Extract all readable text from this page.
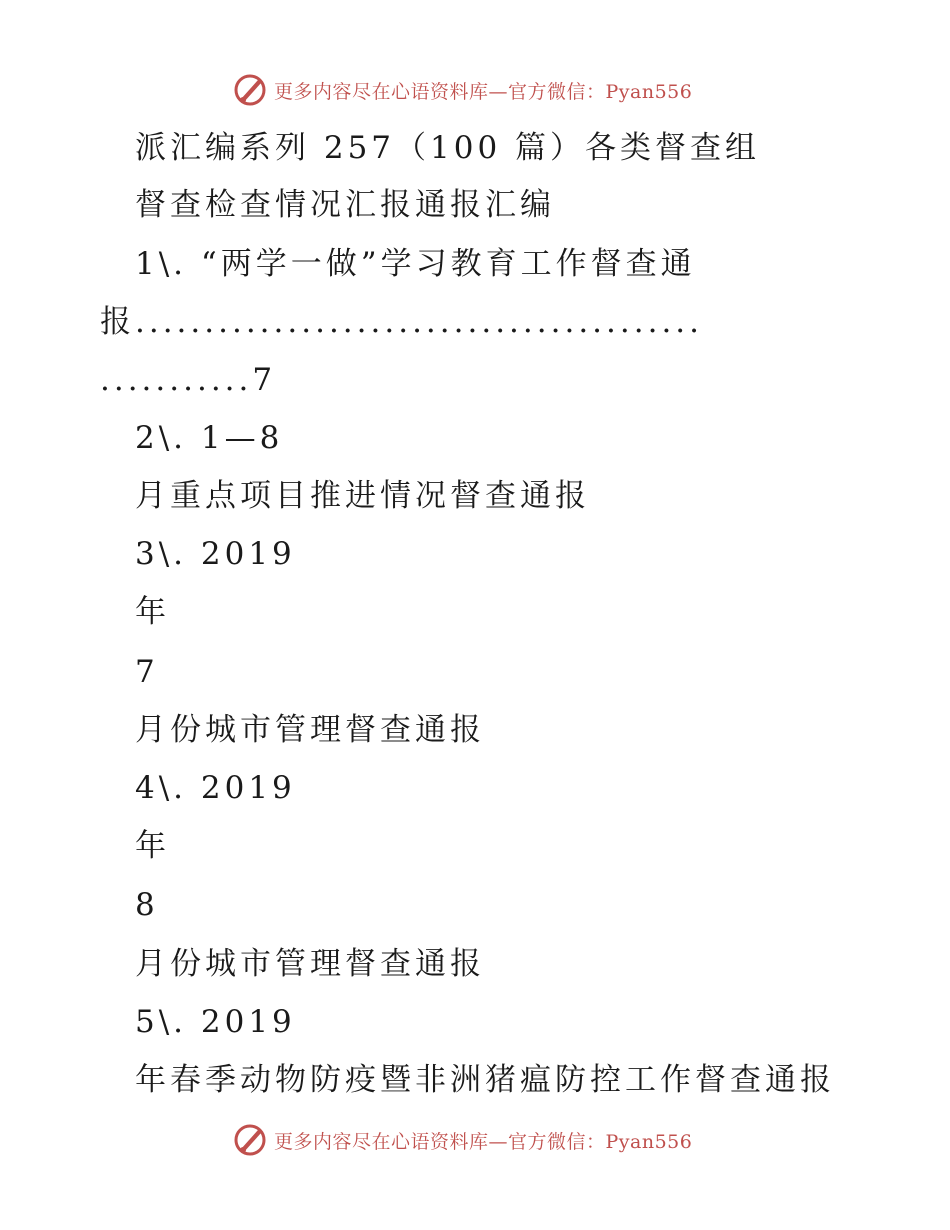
更多内容尽在心语资料库—官方微信：Pyan556
派汇编系列 257（100 篇）各类督查组
督查检查情况汇报通报汇编
1\. “两学一做”学习教育工作督查通
报.........................................
...........7
2\. 1—8
月重点项目推进情况督查通报
3\. 2019
年
7
月份城市管理督查通报
4\. 2019
年
8
月份城市管理督查通报
5\. 2019
年春季动物防疫暨非洲猪瘟防控工作督查通报
更多内容尽在心语资料库—官方微信：Pyan556
